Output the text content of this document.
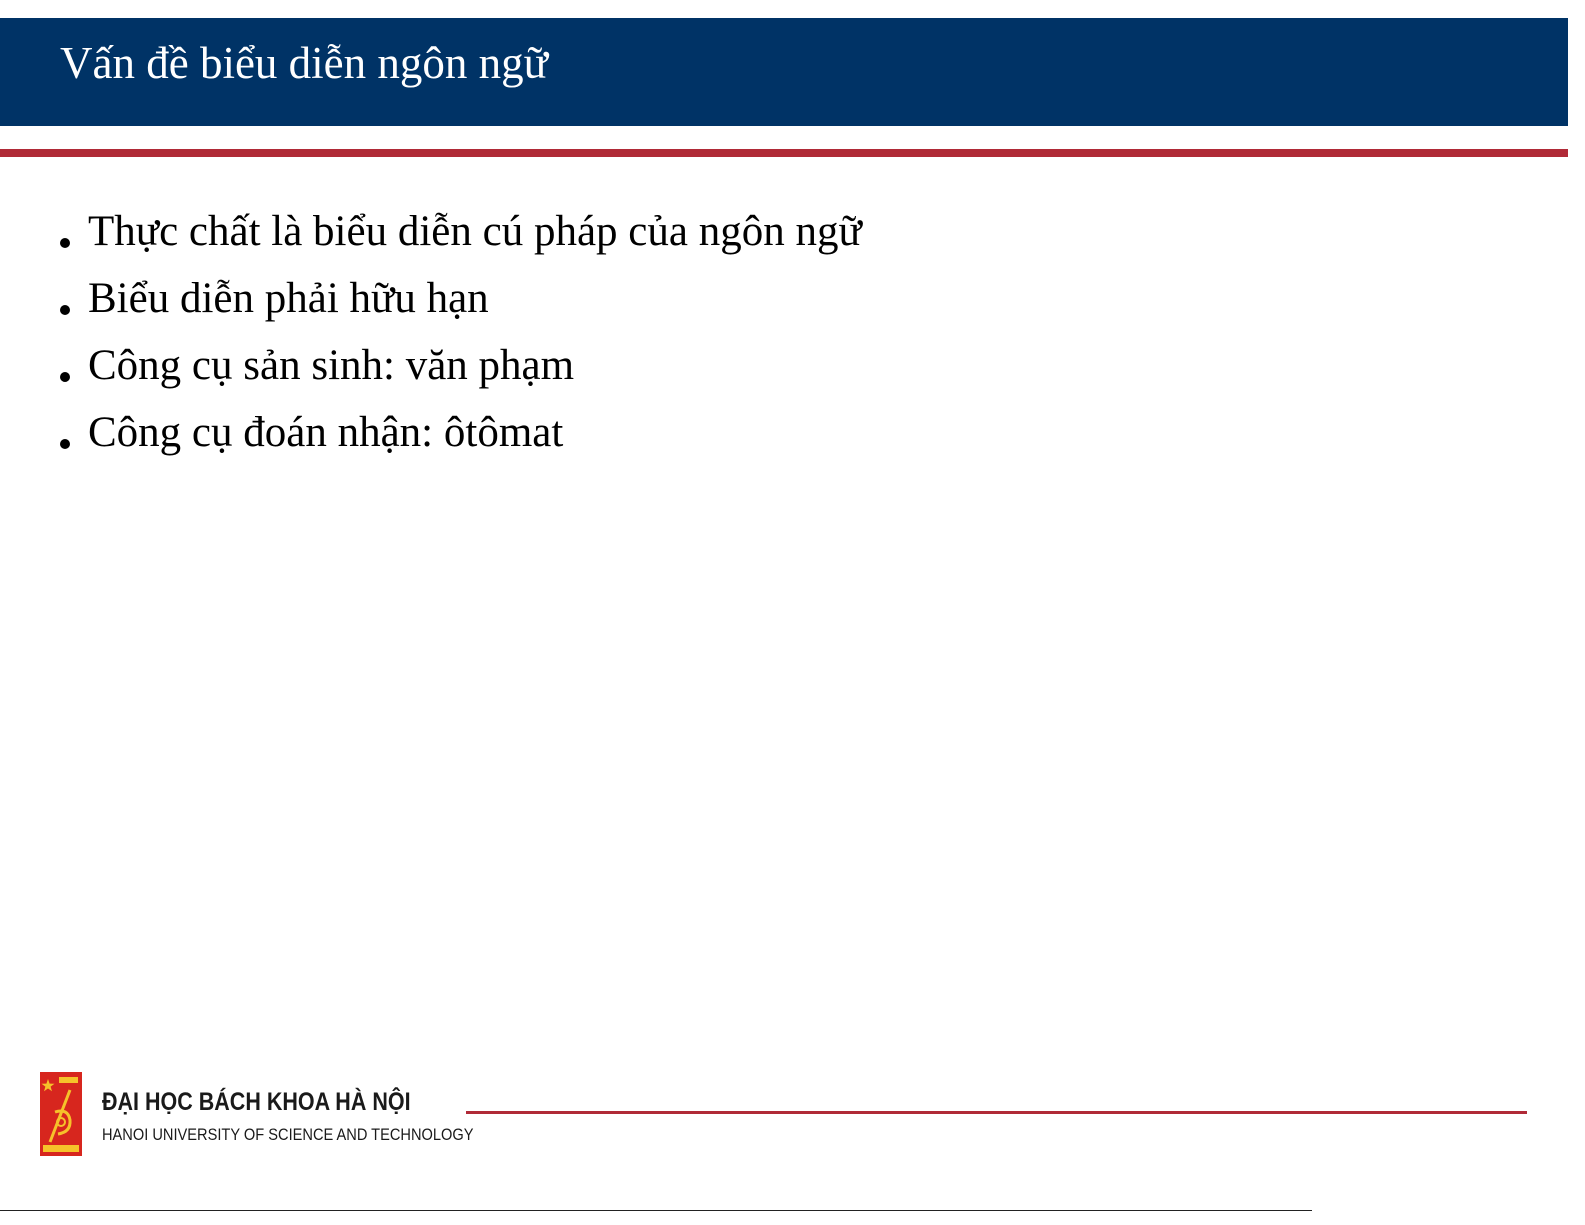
Vấn đề biểu diễn ngôn ngữ
Thực chất là biểu diễn cú pháp của ngôn ngữ
Biểu diễn phải hữu hạn
Công cụ sản sinh: văn phạm
Công cụ đoán nhận: ôtômat
ĐẠI HỌC BÁCH KHOA HÀ NỘI
HANOI UNIVERSITY OF SCIENCE AND TECHNOLOGY
